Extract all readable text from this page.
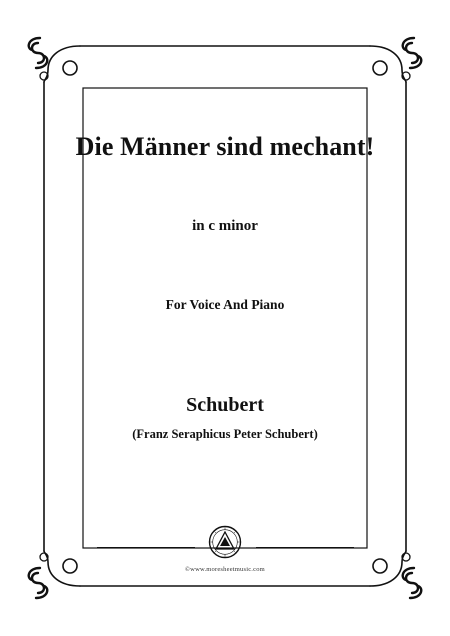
Die Männer sind mechant!
in c minor
For Voice And Piano
Schubert
(Franz Seraphicus Peter Schubert)
©www.moresheetmusic.com
